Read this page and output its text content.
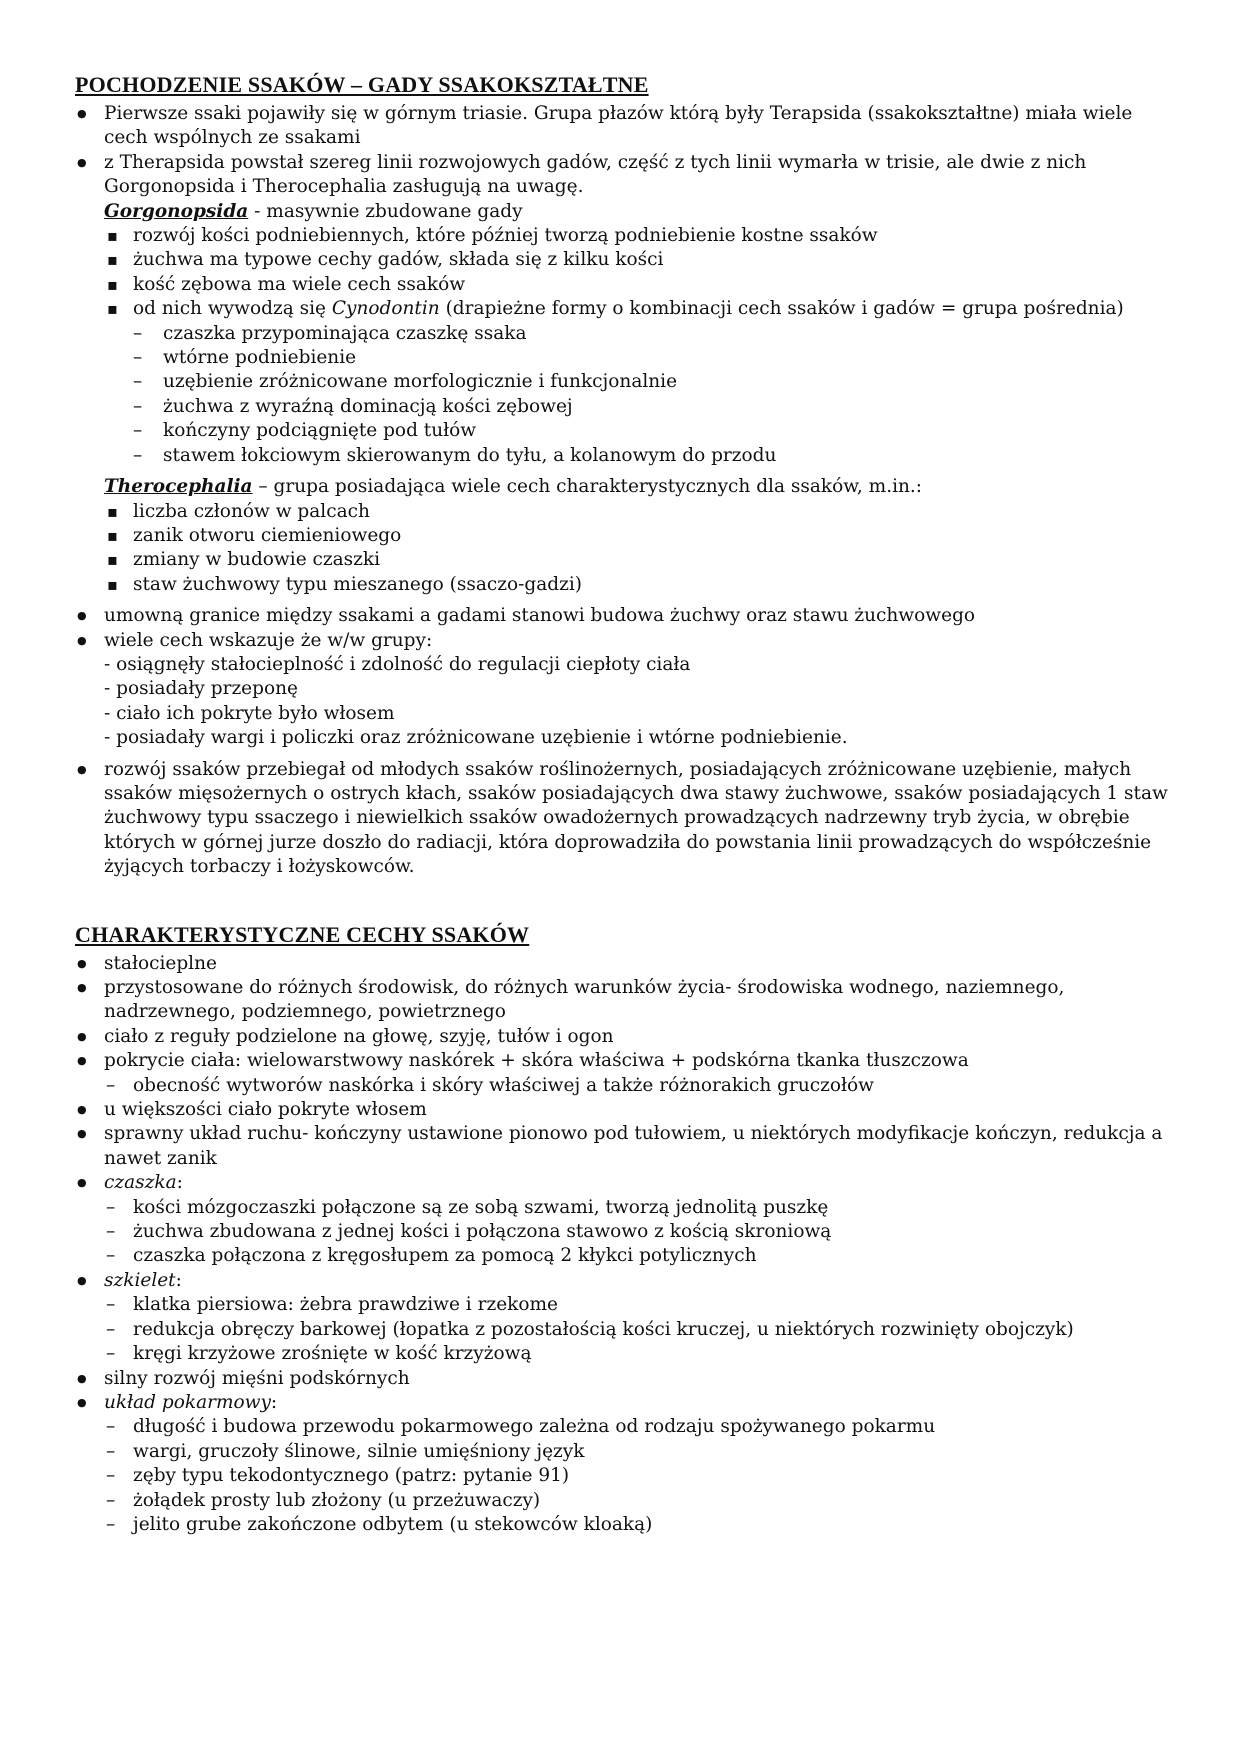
POCHODZENIE SSAKÓW – GADY SSAKOKSZTAŁTNE
● Pierwsze ssaki pojawiły się w górnym triasie. Grupa płazów którą były Terapsida (ssakokształtne) miała wiele cech wspólnych ze ssakami
● z Therapsida powstał szereg linii rozwojowych gadów, część z tych linii wymarła w trisie, ale dwie z nich Gorgonopsida i Therocephalia zasługują na uwagę.
Gorgonopsida - masywnie zbudowane gady
▪ rozwój kości podniebiennych, które później tworzą podniebienie kostne ssaków
▪ żuchwa ma typowe cechy gadów, składa się z kilku kości
▪ kość zębowa ma wiele cech ssaków
▪ od nich wywodzą się Cynodontin (drapieżne formy o kombinacji cech ssaków i gadów = grupa pośrednia)
– czaszka przypominająca czaszkę ssaka
– wtórne podniebienie
– uzębienie zróżnicowane morfologicznie i funkcjonalnie
– żuchwa z wyraźną dominacją kości zębowej
– kończyny podciągnięte pod tułów
– stawem łokciowym skierowanym do tyłu, a kolanowym do przodu
Therocephalia – grupa posiadająca wiele cech charakterystycznych dla ssaków, m.in.:
▪ liczba członów w palcach
▪ zanik otworu ciemieniowego
▪ zmiany w budowie czaszki
▪ staw żuchwowy typu mieszanego (ssaczo-gadzi)
● umowną granice między ssakami a gadami stanowi budowa żuchwy oraz stawu żuchwowego
● wiele cech wskazuje że w/w grupy:
- osiągnęły stałocieplność i zdolność do regulacji ciepłoty ciała
- posiadały przeponę
- ciało ich pokryte było włosem
- posiadały wargi i policzki oraz zróżnicowane uzębienie i wtórne podniebienie.
● rozwój ssaków przebiegał od młodych ssaków roślinożernych, posiadających zróżnicowane uzębienie, małych ssaków mięsożernych o ostrych kłach, ssaków posiadających dwa stawy żuchwowe, ssaków posiadających 1 staw żuchwowy typu ssaczego i niewielkich ssaków owadożernych prowadzących nadrzewny tryb życia, w obrębie których w górnej jurze doszło do radiacji, która doprowadziła do powstania linii prowadzących do współcześnie żyjących torbaczy i łożyskowców.
CHARAKTERYSTYCZNE CECHY SSAKÓW
● stałocieplne
● przystosowane do różnych środowisk, do różnych warunków życia- środowiska wodnego, naziemnego, nadrzewnego, podziemnego, powietrznego
● ciało z reguły podzielone na głowę, szyję, tułów i ogon
● pokrycie ciała: wielowarstwowy naskórek + skóra właściwa + podskórna tkanka tłuszczowa
– obecność wytworów naskórka i skóry właściwej a także różnorakich gruczołów
● u większości ciało pokryte włosem
● sprawny układ ruchu- kończyny ustawione pionowo pod tułowiem, u niektórych modyfikacje kończyn, redukcja a nawet zanik
● czaszka:
– kości mózgoczaszki połączone są ze sobą szwami, tworzą jednolitą puszkę
– żuchwa zbudowana z jednej kości i połączona stawowo z kością skroniową
– czaszka połączona z kręgosłupem za pomocą 2 kłykci potylicznych
● szkielet:
– klatka piersiowa: żebra prawdziwe i rzekome
– redukcja obręczy barkowej (łopatka z pozostałością kości kruczej, u niektórych rozwinięty obojczyk)
– kręgi krzyżowe zrośnięte w kość krzyżową
● silny rozwój mięśni podskórnych
● układ pokarmowy:
– długość i budowa przewodu pokarmowego zależna od rodzaju spożywanego pokarmu
– wargi, gruczoły ślinowe, silnie umięśniony język
– zęby typu tekodontycznego (patrz: pytanie 91)
– żołądek prosty lub złożony (u przeżuwaczy)
– jelito grube zakończone odbytem (u stekowców kloaką)
